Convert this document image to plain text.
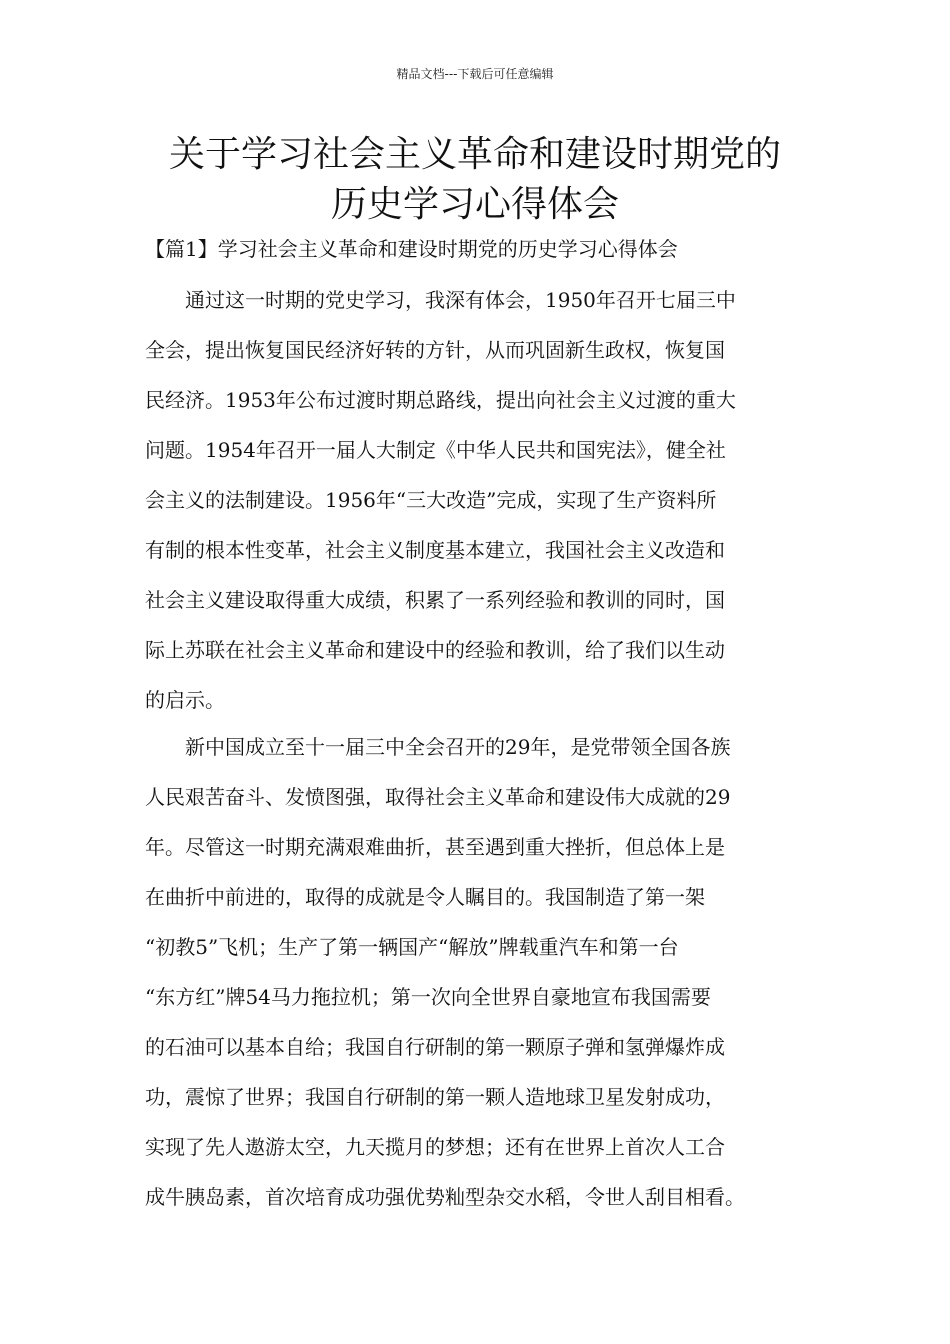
精品文档---下载后可任意编辑
关于学习社会主义革命和建设时期党的
历史学习心得体会
【篇1】学习社会主义革命和建设时期党的历史学习心得体会

　　通过这一时期的党史学习，我深有体会，1950年召开七届三中
全会，提出恢复国民经济好转的方针，从而巩固新生政权，恢复国
民经济。1953年公布过渡时期总路线，提出向社会主义过渡的重大
问题。1954年召开一届人大制定《中华人民共和国宪法》，健全社
会主义的法制建设。1956年“三大改造”完成，实现了生产资料所
有制的根本性变革，社会主义制度基本建立，我国社会主义改造和
社会主义建设取得重大成绩，积累了一系列经验和教训的同时，国
际上苏联在社会主义革命和建设中的经验和教训，给了我们以生动
的启示。

　　新中国成立至十一届三中全会召开的29年，是党带领全国各族
人民艰苦奋斗、发愤图强，取得社会主义革命和建设伟大成就的29
年。尽管这一时期充满艰难曲折，甚至遇到重大挫折，但总体上是
在曲折中前进的，取得的成就是令人瞩目的。我国制造了第一架
“初教5”飞机；生产了第一辆国产“解放”牌载重汽车和第一台
“东方红”牌54马力拖拉机；第一次向全世界自豪地宣布我国需要
的石油可以基本自给；我国自行研制的第一颗原子弹和氢弹爆炸成
功，震惊了世界；我国自行研制的第一颗人造地球卫星发射成功，
实现了先人遨游太空，九天揽月的梦想；还有在世界上首次人工合
成牛胰岛素，首次培育成功强优势籼型杂交水稻，令世人刮目相看。
